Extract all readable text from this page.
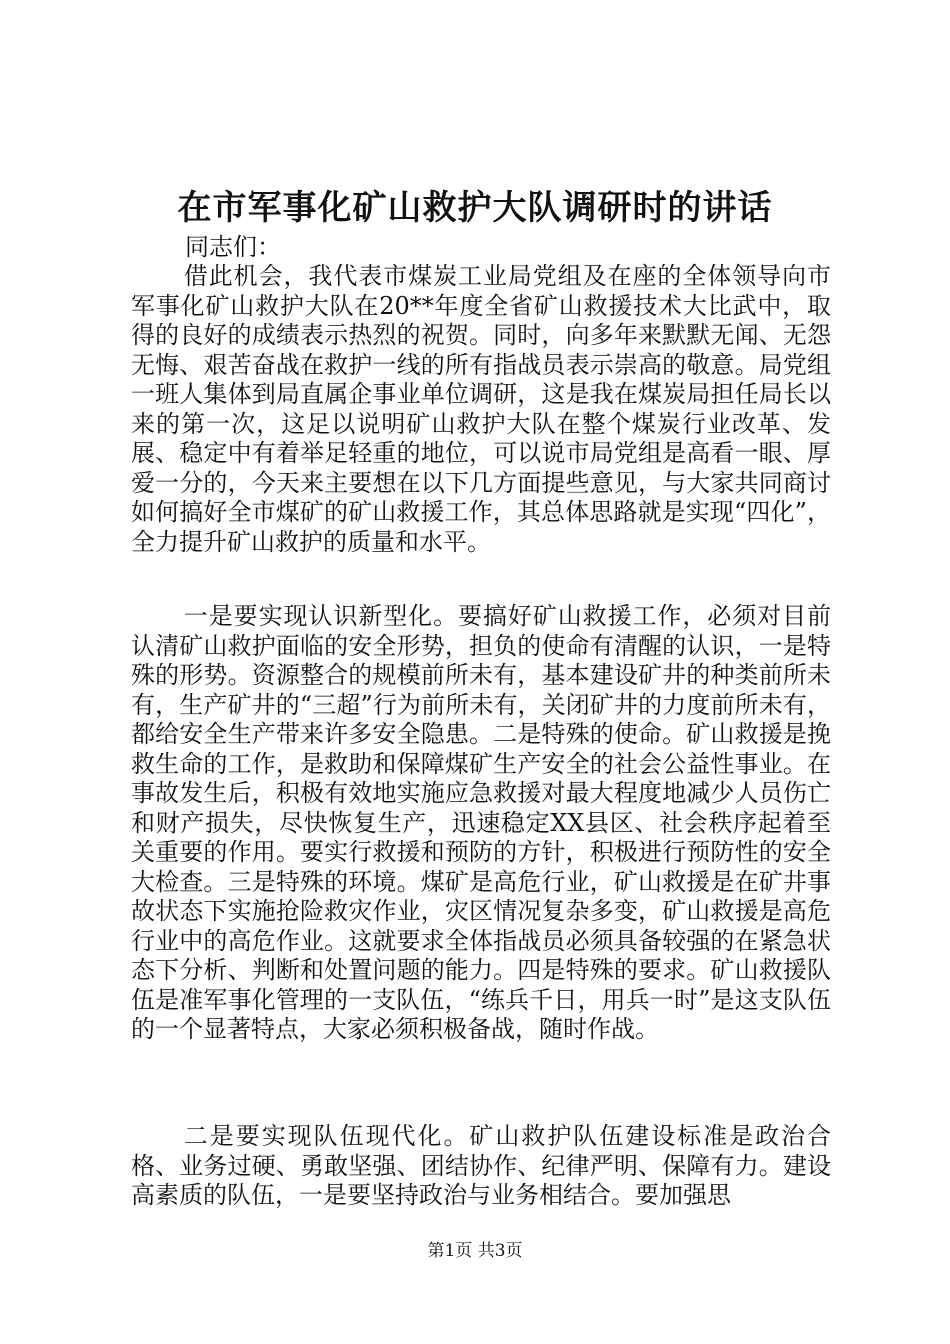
在市军事化矿山救护大队调研时的讲话
同志们：

借此机会，我代表市煤炭工业局党组及在座的全体领导向市军事化矿山救护大队在20**年度全省矿山救援技术大比武中，取得的良好的成绩表示热烈的祝贺。同时，向多年来默默无闻、无怨无悔、艰苦奋战在救护一线的所有指战员表示崇高的敬意。局党组一班人集体到局直属企事业单位调研，这是我在煤炭局担任局长以来的第一次，这足以说明矿山救护大队在整个煤炭行业改革、发展、稳定中有着举足轻重的地位，可以说市局党组是高看一眼、厚爱一分的，今天来主要想在以下几方面提些意见，与大家共同商讨如何搞好全市煤矿的矿山救援工作，其总体思路就是实现“四化”，全力提升矿山救护的质量和水平。

一是要实现认识新型化。要搞好矿山救援工作，必须对目前认清矿山救护面临的安全形势，担负的使命有清醒的认识，一是特殊的形势。资源整合的规模前所未有，基本建设矿井的种类前所未有，生产矿井的“三超”行为前所未有，关闭矿井的力度前所未有，都给安全生产带来许多安全隐患。二是特殊的使命。矿山救援是挽救生命的工作，是救助和保障煤矿生产安全的社会公益性事业。在事故发生后，积极有效地实施应急救援对最大程度地减少人员伤亡和财产损失，尽快恢复生产，迅速稳定XX县区、社会秩序起着至关重要的作用。要实行救援和预防的方针，积极进行预防性的安全大检查。三是特殊的环境。煤矿是高危行业，矿山救援是在矿井事故状态下实施抢险救灾作业，灾区情况复杂多变，矿山救援是高危行业中的高危作业。这就要求全体指战员必须具备较强的在紧急状态下分析、判断和处置问题的能力。四是特殊的要求。矿山救援队伍是准军事化管理的一支队伍，“练兵千日，用兵一时”是这支队伍的一个显著特点，大家必须积极备战，随时作战。

二是要实现队伍现代化。矿山救护队伍建设标准是政治合格、业务过硬、勇敢坚强、团结协作、纪律严明、保障有力。建设高素质的队伍，一是要坚持政治与业务相结合。要加强思

第1页 共3页
